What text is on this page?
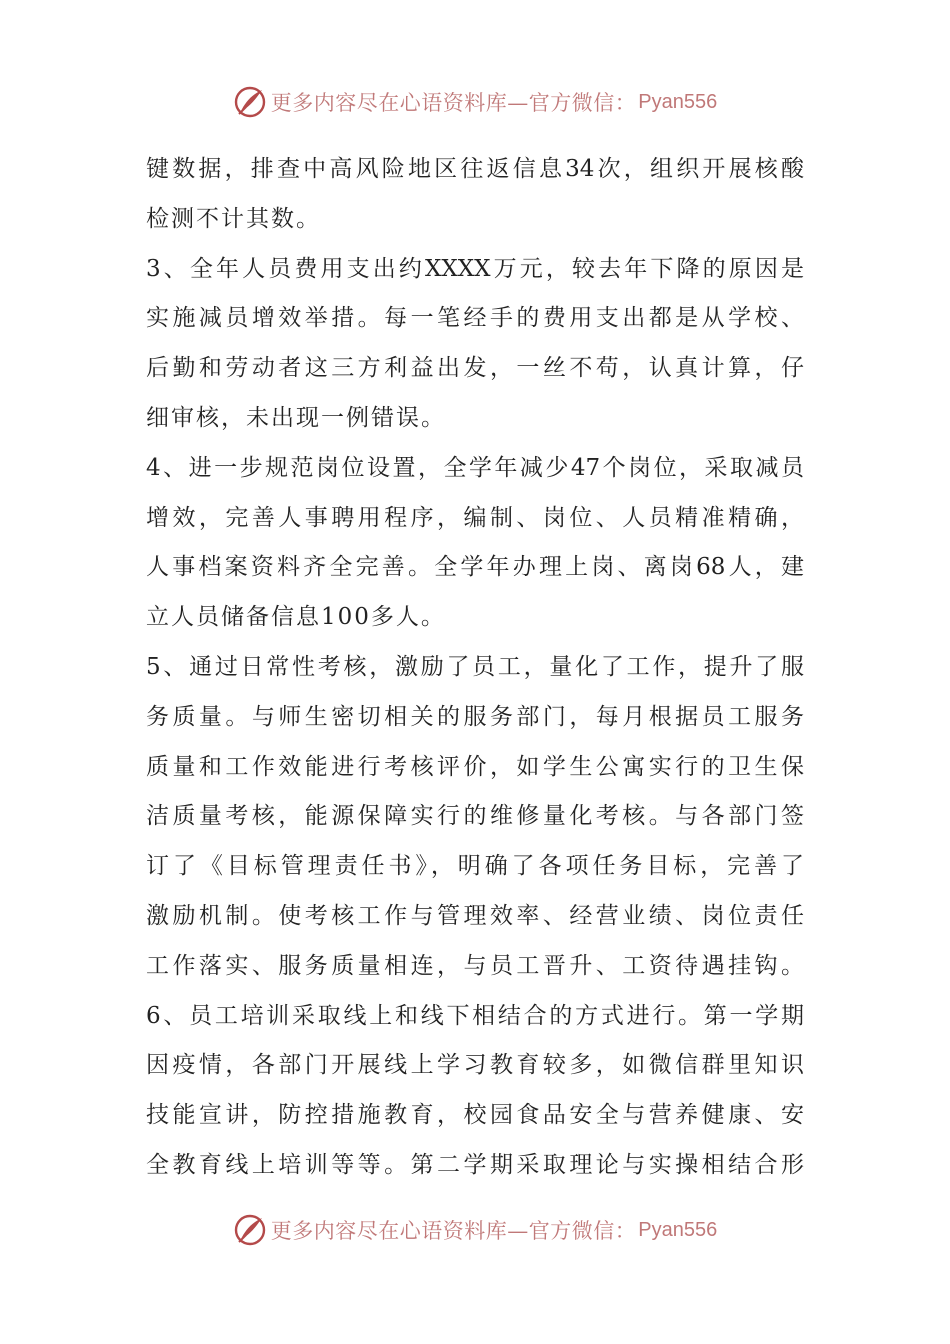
更多内容尽在心语资料库—官方微信： Pyan556
键数据，排查中高风险地区往返信息34次，组织开展核酸
检测不计其数。
3、全年人员费用支出约XXXX万元，较去年下降的原因是
实施减员增效举措。每一笔经手的费用支出都是从学校、
后勤和劳动者这三方利益出发，一丝不苟，认真计算，仔
细审核，未出现一例错误。
4、进一步规范岗位设置，全学年减少47个岗位，采取减员
增效，完善人事聘用程序，编制、岗位、人员精准精确，
人事档案资料齐全完善。全学年办理上岗、离岗68人，建
立人员储备信息100多人。
5、通过日常性考核，激励了员工，量化了工作，提升了服
务质量。与师生密切相关的服务部门，每月根据员工服务
质量和工作效能进行考核评价，如学生公寓实行的卫生保
洁质量考核，能源保障实行的维修量化考核。与各部门签
订了《目标管理责任书》，明确了各项任务目标，完善了
激励机制。使考核工作与管理效率、经营业绩、岗位责任
工作落实、服务质量相连，与员工晋升、工资待遇挂钩。
6、员工培训采取线上和线下相结合的方式进行。第一学期
因疫情，各部门开展线上学习教育较多，如微信群里知识
技能宣讲，防控措施教育，校园食品安全与营养健康、安
全教育线上培训等等。第二学期采取理论与实操相结合形
更多内容尽在心语资料库—官方微信： Pyan556
